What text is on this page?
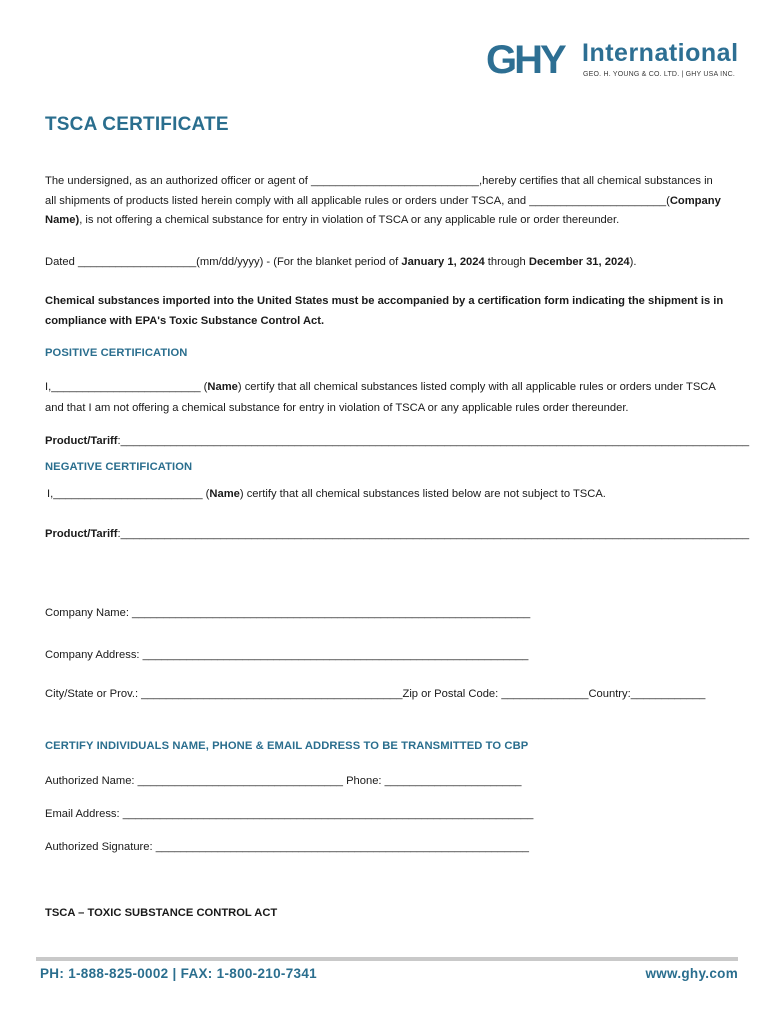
GHY International
GEO. H. YOUNG & CO. LTD. | GHY USA INC.
TSCA CERTIFICATE
The undersigned, as an authorized officer or agent of ___________________________,hereby certifies that all chemical substances in
all shipments of products listed herein comply with all applicable rules or orders under TSCA, and ______________________(Company
Name), is not offering a chemical substance for entry in violation of TSCA or any applicable rule or order thereunder.
Dated ___________________(mm/dd/yyyy) - (For the blanket period of January 1, 2024 through December 31, 2024).
Chemical substances imported into the United States must be accompanied by a certification form indicating the shipment is in
compliance with EPA's Toxic Substance Control Act.
POSITIVE CERTIFICATION
I,________________________ (Name) certify that all chemical substances listed comply with all applicable rules or orders under TSCA
and that I am not offering a chemical substance for entry in violation of TSCA or any applicable rules order thereunder.
Product/Tariff:_____________________________________________________________________________________________________
NEGATIVE CERTIFICATION
I,________________________ (Name) certify that all chemical substances listed below are not subject to TSCA.
Product/Tariff:_____________________________________________________________________________________________________
Company Name: ________________________________________________________________
Company Address: ______________________________________________________________
City/State or Prov.: __________________________________________Zip or Postal Code: ______________Country:____________
CERTIFY INDIVIDUALS NAME, PHONE & EMAIL ADDRESS TO BE TRANSMITTED TO CBP
Authorized Name: _________________________________ Phone: ______________________
Email Address: __________________________________________________________________
Authorized Signature: ____________________________________________________________
TSCA – TOXIC SUBSTANCE CONTROL ACT
PH: 1-888-825-0002 | FAX: 1-800-210-7341	www.ghy.com
